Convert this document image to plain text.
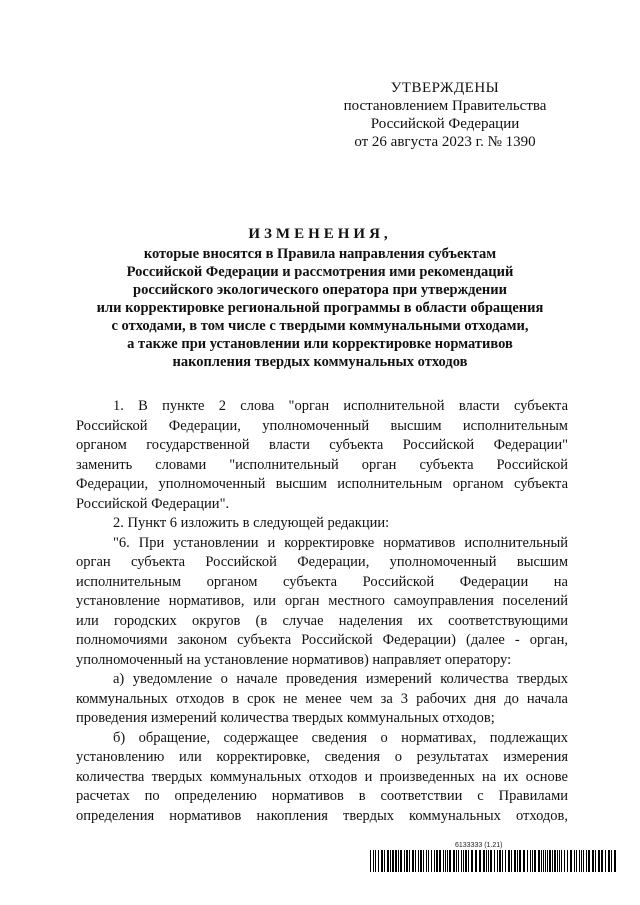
УТВЕРЖДЕНЫ
постановлением Правительства
Российской Федерации
от 26 августа 2023 г. № 1390
ИЗМЕНЕНИЯ,
которые вносятся в Правила направления субъектам
Российской Федерации и рассмотрения ими рекомендаций
российского экологического оператора при утверждении
или корректировке региональной программы в области обращения
с отходами, в том числе с твердыми коммунальными отходами,
а также при установлении или корректировке нормативов
накопления твердых коммунальных отходов
1. В пункте 2 слова "орган исполнительной власти субъекта
Российской Федерации, уполномоченный высшим исполнительным
органом государственной власти субъекта Российской Федерации"
заменить словами "исполнительный орган субъекта Российской
Федерации, уполномоченный высшим исполнительным органом субъекта
Российской Федерации".
2. Пункт 6 изложить в следующей редакции:
"6. При установлении и корректировке нормативов исполнительный
орган субъекта Российской Федерации, уполномоченный высшим
исполнительным органом субъекта Российской Федерации на
установление нормативов, или орган местного самоуправления поселений
или городских округов (в случае наделения их соответствующими
полномочиями законом субъекта Российской Федерации) (далее - орган,
уполномоченный на установление нормативов) направляет оператору:
а) уведомление о начале проведения измерений количества твердых
коммунальных отходов в срок не менее чем за 3 рабочих дня до начала
проведения измерений количества твердых коммунальных отходов;
б) обращение, содержащее сведения о нормативах, подлежащих
установлению или корректировке, сведения о результатах измерения
количества твердых коммунальных отходов и произведенных на их основе
расчетах по определению нормативов в соответствии с Правилами
определения нормативов накопления твердых коммунальных отходов,
6133333 (1.21)
